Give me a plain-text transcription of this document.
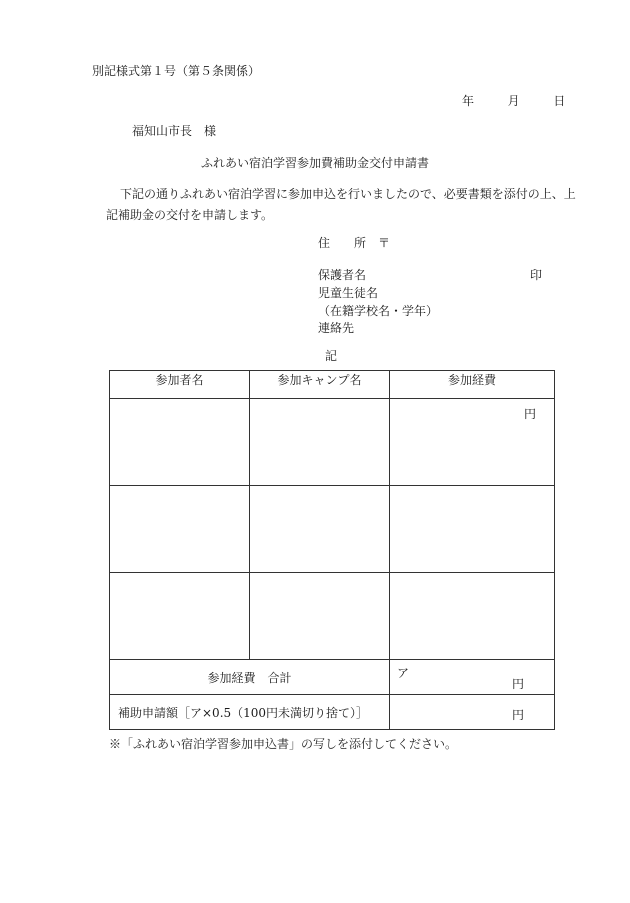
別記様式第１号（第５条関係）
年	月	日
福知山市長　様
ふれあい宿泊学習参加費補助金交付申請書
下記の通りふれあい宿泊学習に参加申込を行いましたので、必要書類を添付の上、上記補助金の交付を申請します。
住　　所　〒
保護者名	印
児童生徒名
（在籍学校名・学年）
連絡先
記
参加者名	参加キャンプ名	参加経費

		円

参加経費　合計		ア
円

補助申請額［ア×0.5（100円未満切り捨て）］		円
※「ふれあい宿泊学習参加申込書」の写しを添付してください。
